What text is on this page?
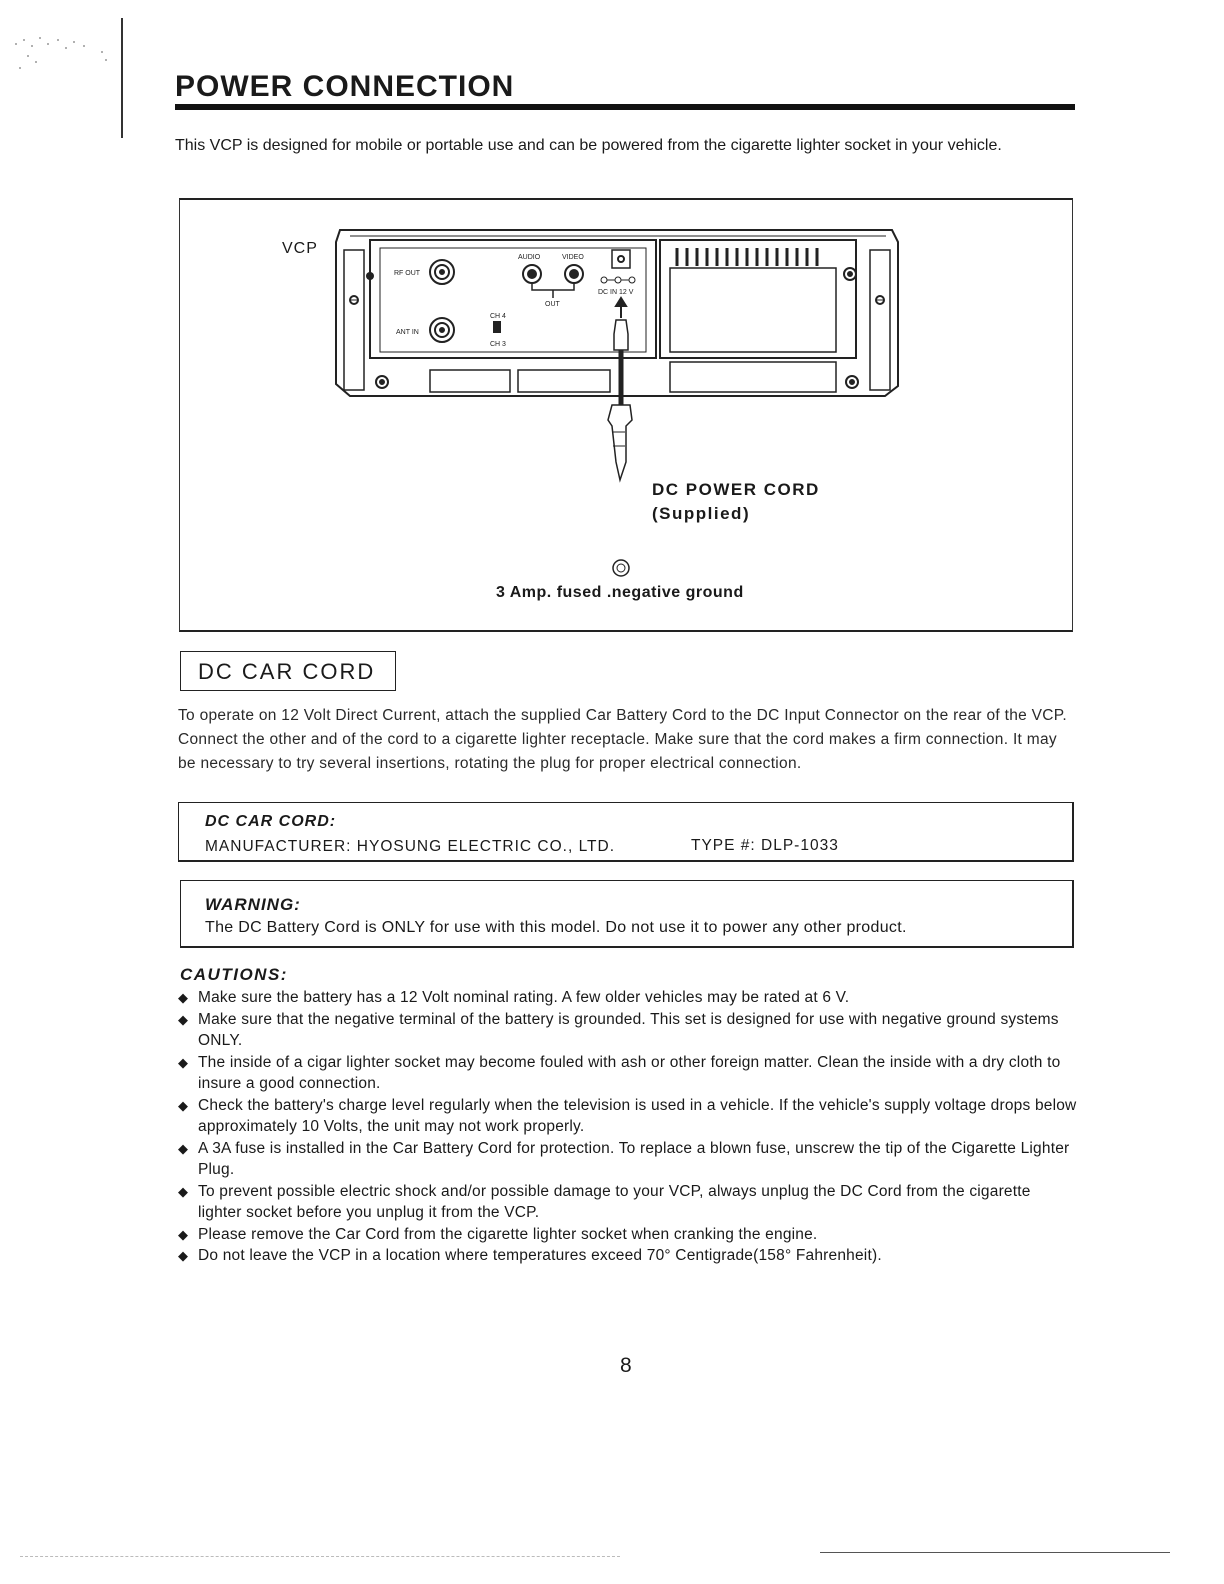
POWER CONNECTION

This VCP is designed for mobile or portable use and can be powered from the cigarette lighter socket in your vehicle.

RF OUT
ANT IN
AUDIO	VIDEO
OUT
CH 4
CH 3
DC IN 12 V
VCP
DC POWER CORD
(Supplied)
3 Amp. fused .negative ground
DC CAR CORD

To operate on 12 Volt Direct Current, attach the supplied Car Battery Cord to the DC Input Connector on the rear of the VCP. Connect the other and of the cord to a cigarette lighter receptacle. Make sure that the cord makes a firm connection. It may be necessary to try several insertions, rotating the plug for proper electrical connection.

DC CAR CORD:
MANUFACTURER: HYOSUNG ELECTRIC CO., LTD.	TYPE #: DLP-1033
WARNING:
The DC Battery Cord is ONLY for use with this model. Do not use it to power any other product.
CAUTIONS:
◆ Make sure the battery has a 12 Volt nominal rating. A few older vehicles may be rated at 6 V.
◆ Make sure that the negative terminal of the battery is grounded. This set is designed for use with negative ground systems ONLY.
◆ The inside of a cigar lighter socket may become fouled with ash or other foreign matter. Clean the inside with a dry cloth to insure a good connection.
◆ Check the battery's charge level regularly when the television is used in a vehicle. If the vehicle's supply voltage drops below approximately 10 Volts, the unit may not work properly.
◆ A 3A fuse is installed in the Car Battery Cord for protection. To replace a blown fuse, unscrew the tip of the Cigarette Lighter Plug.
◆ To prevent possible electric shock and/or possible damage to your VCP, always unplug the DC Cord from the cigarette lighter socket before you unplug it from the VCP.
◆ Please remove the Car Cord from the cigarette lighter socket when cranking the engine.
◆ Do not leave the VCP in a location where temperatures exceed 70° Centigrade(158° Fahrenheit).
8
